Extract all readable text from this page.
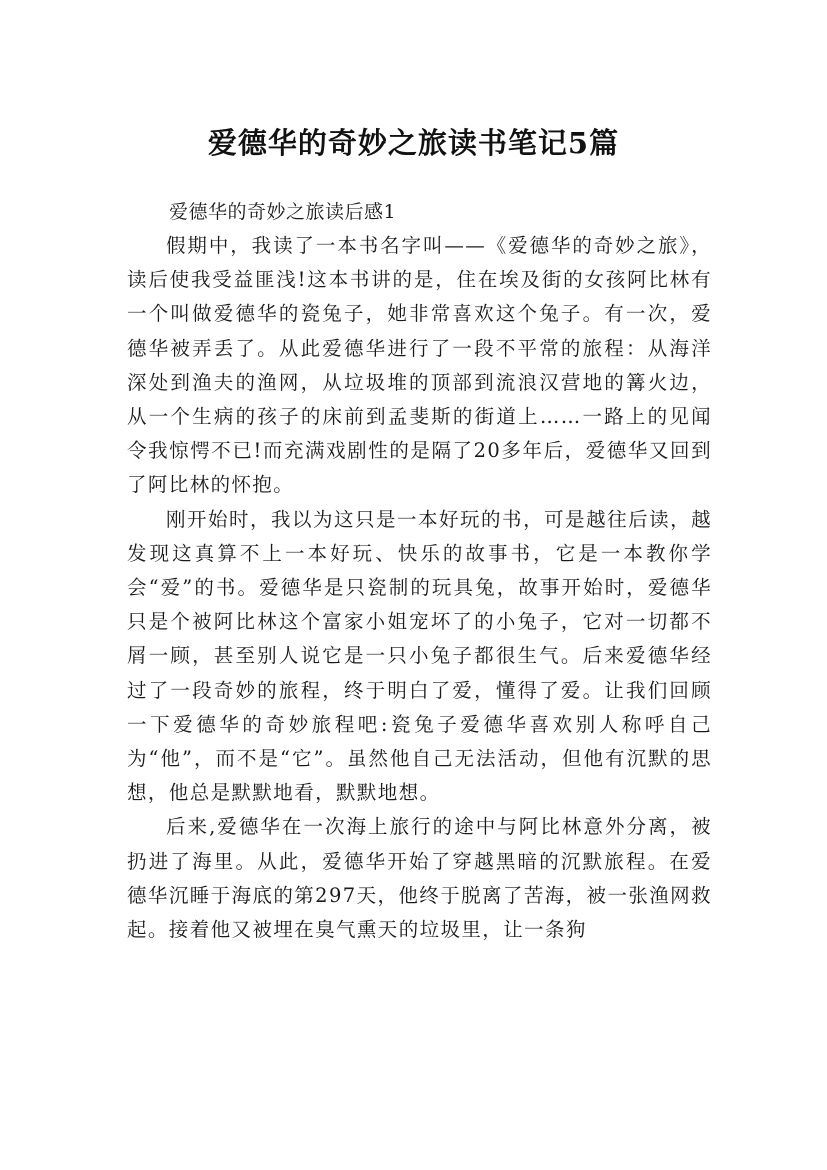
爱德华的奇妙之旅读书笔记5篇

爱德华的奇妙之旅读后感1

假期中，我读了一本书名字叫——《爱德华的奇妙之旅》，读后使我受益匪浅!这本书讲的是，住在埃及街的女孩阿比林有一个叫做爱德华的瓷兔子，她非常喜欢这个兔子。有一次，爱德华被弄丢了。从此爱德华进行了一段不平常的旅程：从海洋深处到渔夫的渔网，从垃圾堆的顶部到流浪汉营地的篝火边，从一个生病的孩子的床前到孟斐斯的街道上……一路上的见闻令我惊愕不已!而充满戏剧性的是隔了20多年后，爱德华又回到了阿比林的怀抱。

刚开始时，我以为这只是一本好玩的书，可是越往后读，越发现这真算不上一本好玩、快乐的故事书，它是一本教你学会“爱”的书。爱德华是只瓷制的玩具兔，故事开始时，爱德华只是个被阿比林这个富家小姐宠坏了的小兔子，它对一切都不屑一顾，甚至别人说它是一只小兔子都很生气。后来爱德华经过了一段奇妙的旅程，终于明白了爱，懂得了爱。让我们回顾一下爱德华的奇妙旅程吧:瓷兔子爱德华喜欢别人称呼自己为“他”，而不是“它”。虽然他自己无法活动，但他有沉默的思想，他总是默默地看，默默地想。

后来,爱德华在一次海上旅行的途中与阿比林意外分离，被扔进了海里。从此，爱德华开始了穿越黑暗的沉默旅程。在爱德华沉睡于海底的第297天，他终于脱离了苦海，被一张渔网救起。接着他又被埋在臭气熏天的垃圾里，让一条狗
